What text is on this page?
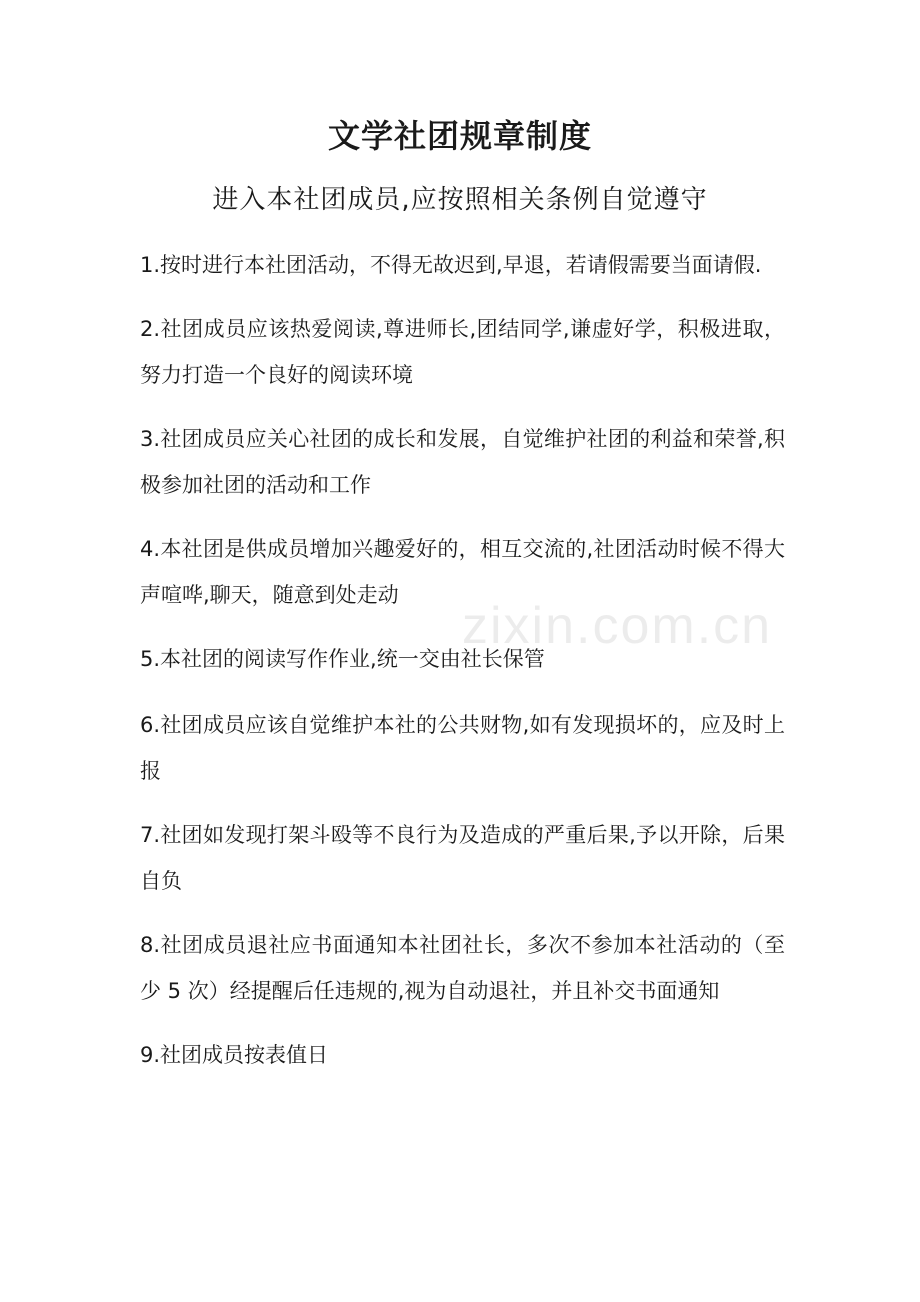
文学社团规章制度
进入本社团成员,应按照相关条例自觉遵守

1.按时进行本社团活动，不得无故迟到,早退，若请假需要当面请假.

2.社团成员应该热爱阅读,尊进师长,团结同学,谦虚好学，积极进取，努力打造一个良好的阅读环境

3.社团成员应关心社团的成长和发展，自觉维护社团的利益和荣誉,积极参加社团的活动和工作

4.本社团是供成员增加兴趣爱好的，相互交流的,社团活动时候不得大声喧哗,聊天，随意到处走动

5.本社团的阅读写作作业,统一交由社长保管

6.社团成员应该自觉维护本社的公共财物,如有发现损坏的，应及时上报

7.社团如发现打架斗殴等不良行为及造成的严重后果,予以开除，后果自负

8.社团成员退社应书面通知本社团社长，多次不参加本社活动的（至少 5 次）经提醒后任违规的,视为自动退社，并且补交书面通知

9.社团成员按表值日

zixin.com.cn
